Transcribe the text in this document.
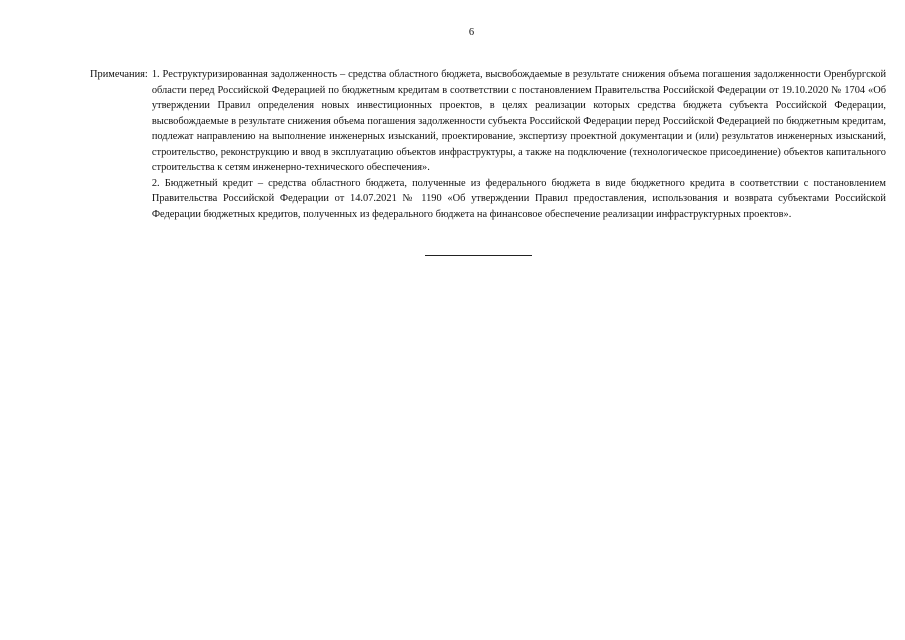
6
Примечания: 1. Реструктуризированная задолженность – средства областного бюджета, высвобождаемые в результате снижения объема погашения задолженности Оренбургской области перед Российской Федерацией по бюджетным кредитам в соответствии с постановлением Правительства Российской Федерации от 19.10.2020 № 1704 «Об утверждении Правил определения новых инвестиционных проектов, в целях реализации которых средства бюджета субъекта Российской Федерации, высвобождаемые в результате снижения объема погашения задолженности субъекта Российской Федерации перед Российской Федерацией по бюджетным кредитам, подлежат направлению на выполнение инженерных изысканий, проектирование, экспертизу проектной документации и (или) результатов инженерных изысканий, строительство, реконструкцию и ввод в эксплуатацию объектов инфраструктуры, а также на подключение (технологическое присоединение) объектов капитального строительства к сетям инженерно-технического обеспечения».

2. Бюджетный кредит – средства областного бюджета, полученные из федерального бюджета в виде бюджетного кредита в соответствии с постановлением Правительства Российской Федерации от 14.07.2021 № 1190 «Об утверждении Правил предоставления, использования и возврата субъектами Российской Федерации бюджетных кредитов, полученных из федерального бюджета на финансовое обеспечение реализации инфраструктурных проектов».
